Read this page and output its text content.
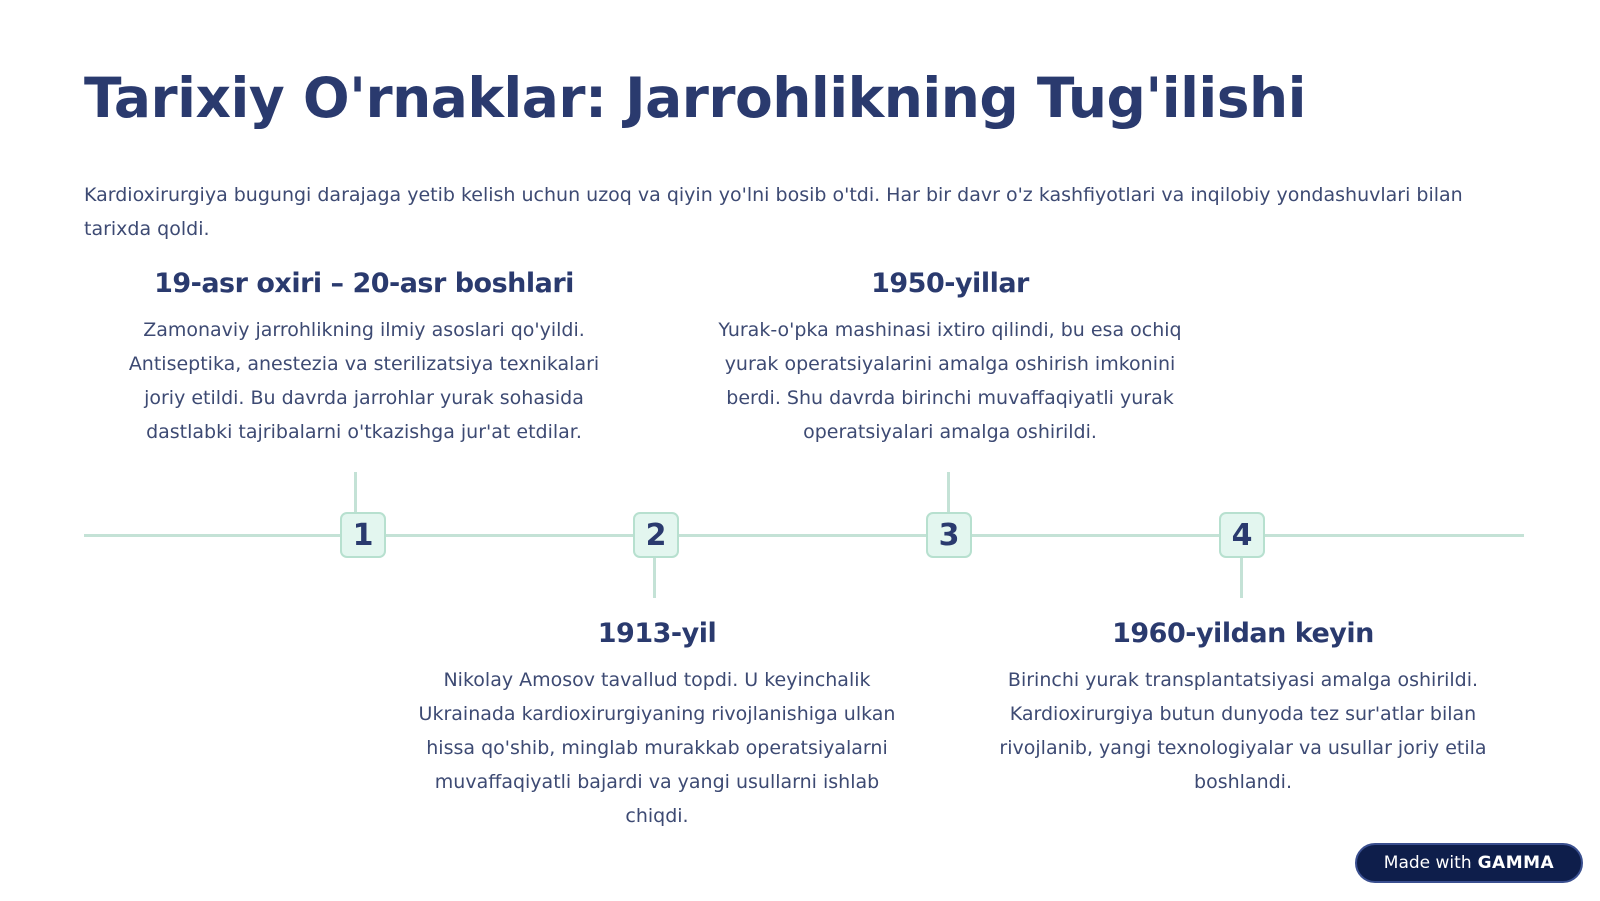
Tarixiy O'rnaklar: Jarrohlikning Tug'ilishi

Kardioxirurgiya bugungi darajaga yetib kelish uchun uzoq va qiyin yo'lni bosib o'tdi. Har bir davr o'z kashfiyotlari va inqilobiy yondashuvlari bilan tarixda qoldi.

1	2	3	4
19-asr oxiri – 20-asr boshlari

Zamonaviy jarrohlikning ilmiy asoslari qo'yildi. Antiseptika, anestezia va sterilizatsiya texnikalari joriy etildi. Bu davrda jarrohlar yurak sohasida dastlabki tajribalarni o'tkazishga jur'at etdilar.

1913-yil

Nikolay Amosov tavallud topdi. U keyinchalik Ukrainada kardioxirurgiyaning rivojlanishiga ulkan hissa qo'shib, minglab murakkab operatsiyalarni muvaffaqiyatli bajardi va yangi usullarni ishlab chiqdi.

1950-yillar

Yurak-o'pka mashinasi ixtiro qilindi, bu esa ochiq yurak operatsiyalarini amalga oshirish imkonini berdi. Shu davrda birinchi muvaffaqiyatli yurak operatsiyalari amalga oshirildi.

1960-yildan keyin

Birinchi yurak transplantatsiyasi amalga oshirildi. Kardioxirurgiya butun dunyoda tez sur'atlar bilan rivojlanib, yangi texnologiyalar va usullar joriy etila boshlandi.

Made with GAMMA
